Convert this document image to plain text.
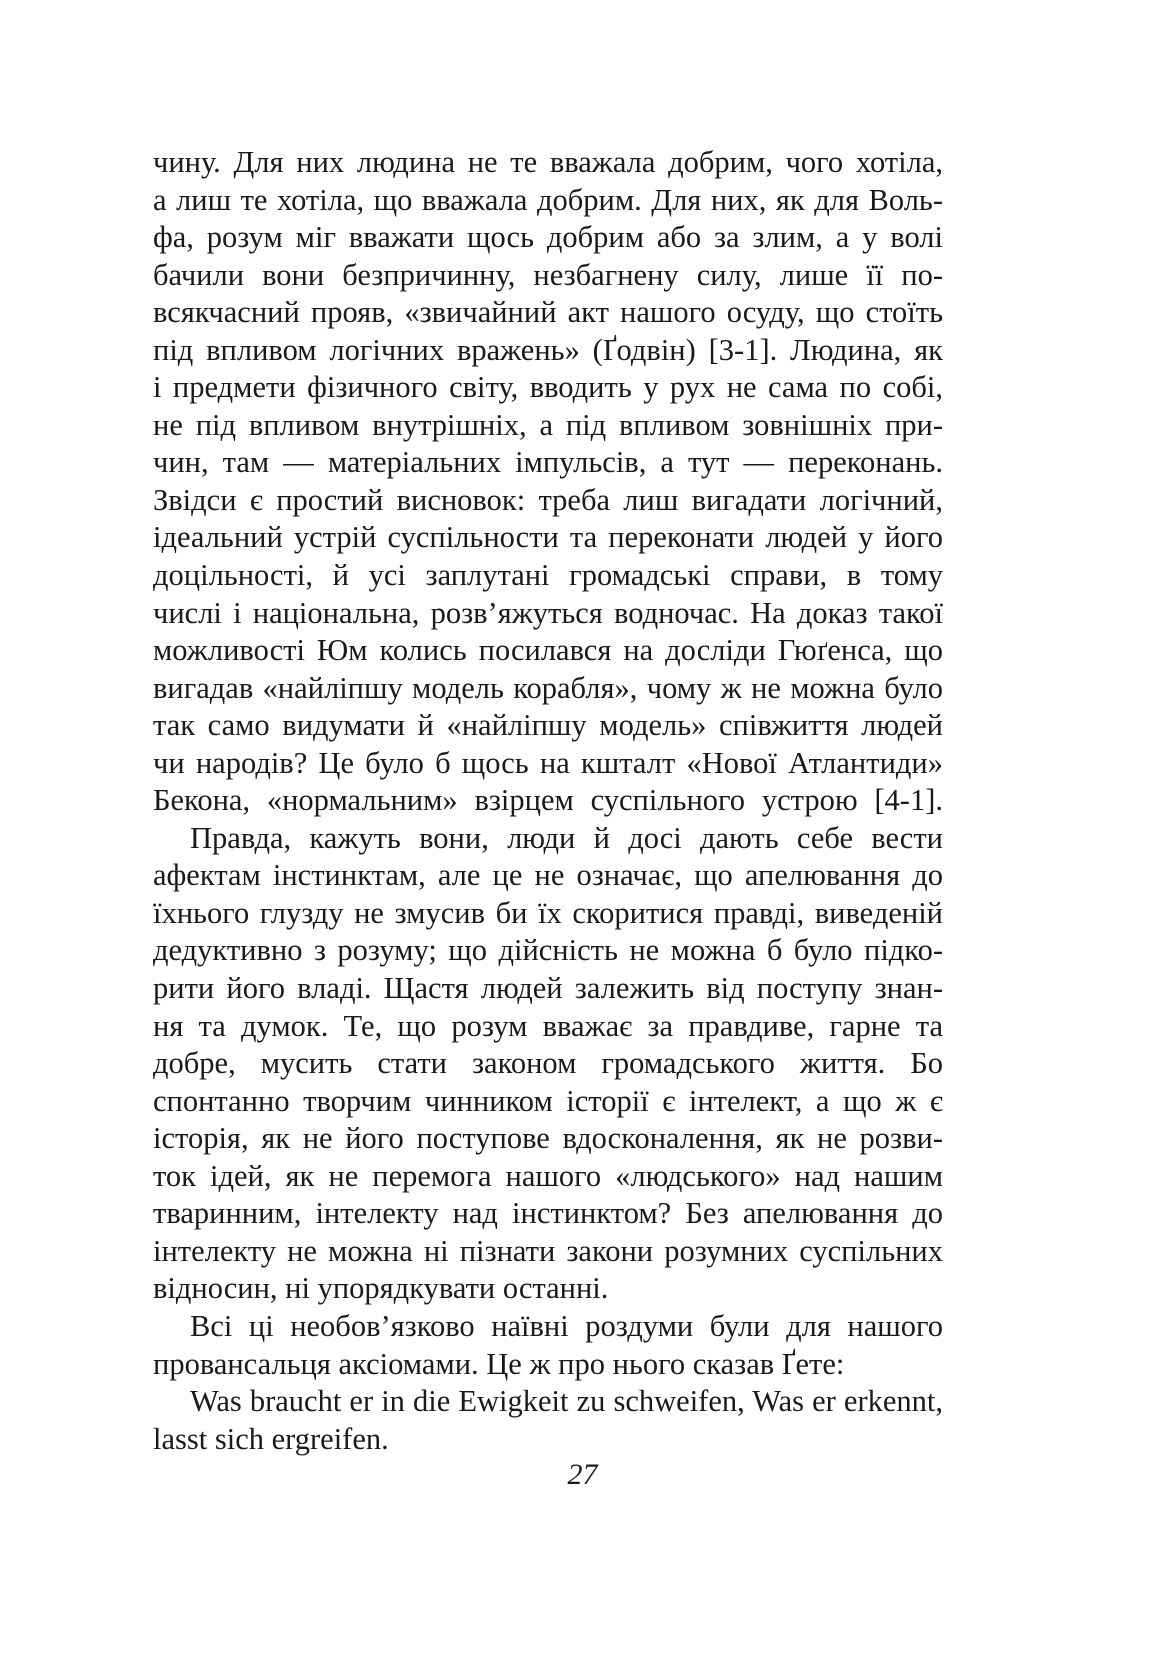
чину. Для них людина не те вважала добрим, чого хотіла,
а лиш те хотіла, що вважала добрим. Для них, як для Воль-
фа, розум міг вважати щось добрим або за злим, а у волі
бачили вони безпричинну, незбагнену силу, лише її по-
всякчасний прояв, «звичайний акт нашого осуду, що стоїть
під впливом логічних вражень» (Ґодвін) [3-1]. Людина, як
і предмети фізичного світу, вводить у рух не сама по собі,
не під впливом внутрішніх, а під впливом зовнішніх при-
чин, там — матеріальних імпульсів, а тут — переконань.
Звідси є простий висновок: треба лиш вигадати логічний,
ідеальний устрій суспільности та переконати людей у його
доцільності, й усі заплутані громадські справи, в тому
числі і національна, розв’яжуться водночас. На доказ такої
можливості Юм колись посилався на досліди Гюґенса, що
вигадав «найліпшу модель корабля», чому ж не можна було
так само видумати й «найліпшу модель» співжиття людей
чи народів? Це було б щось на кшталт «Нової Атлантиди»
Бекона, «нормальним» взірцем суспільного устрою [4-1].
Правда, кажуть вони, люди й досі дають себе вести
афектам інстинктам, але це не означає, що апелювання до
їхнього глузду не змусив би їх скоритися правді, виведеній
дедуктивно з розуму; що дійсність не можна б було підко-
рити його владі. Щастя людей залежить від поступу знан-
ня та думок. Те, що розум вважає за правдиве, гарне та
добре, мусить стати законом громадського життя. Бо
спонтанно творчим чинником історії є інтелект, а що ж є
історія, як не його поступове вдосконалення, як не розви-
ток ідей, як не перемога нашого «людського» над нашим
тваринним, інтелекту над інстинктом? Без апелювання до
інтелекту не можна ні пізнати закони розумних суспільних
відносин, ні упорядкувати останні.
Всі ці необов’язково наївні роздуми були для нашого
провансальця аксіомами. Це ж про нього сказав Ґете:
Was braucht er in die Ewigkeit zu schweifen, Was er erkennt,
lasst sich ergreifen.
27
